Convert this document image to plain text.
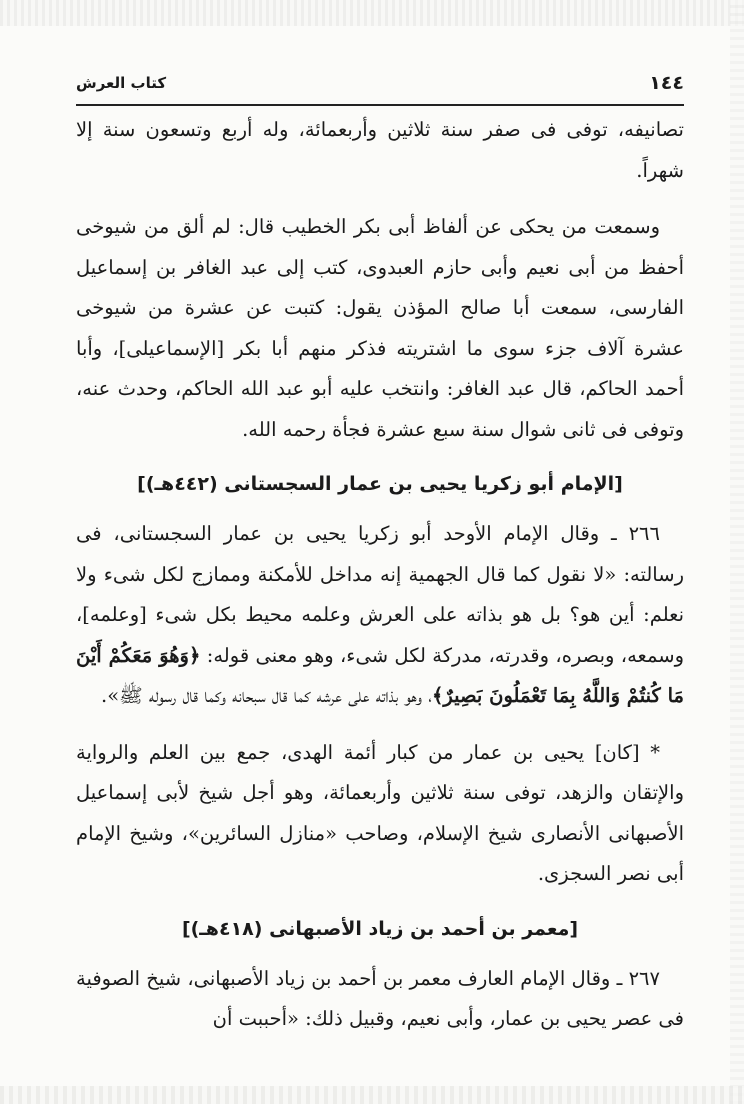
١٤٤
كتاب العرش

تصانيفه، توفى فى صفر سنة ثلاثين وأربعمائة، وله أربع وتسعون سنة إلا شهراً.

وسمعت من يحكى عن ألفاظ أبى بكر الخطيب قال: لم ألق من شيوخى أحفظ من أبى نعيم وأبى حازم العبدوى، كتب إلى عبد الغافر بن إسماعيل الفارسى، سمعت أبا صالح المؤذن يقول: كتبت عن عشرة من شيوخى عشرة آلاف جزء سوى ما اشتريته فذكر منهم أبا بكر [الإسماعيلى]، وأبا أحمد الحاكم، قال عبد الغافر: وانتخب عليه أبو عبد الله الحاكم، وحدث عنه، وتوفى فى ثانى شوال سنة سبع عشرة فجأة رحمه الله.

[الإمام أبو زكريا يحيى بن عمار السجستانى (٤٤٢هـ)]

٢٦٦ ـ وقال الإمام الأوحد أبو زكريا يحيى بن عمار السجستانى، فى رسالته: «لا نقول كما قال الجهمية إنه مداخل للأمكنة وممازج لكل شىء ولا نعلم: أين هو؟ بل هو بذاته على العرش وعلمه محيط بكل شىء [وعلمه]، وسمعه، وبصره، وقدرته، مدركة لكل شىء، وهو معنى قوله: ﴿وَهُوَ مَعَكُمْ أَيْنَ مَا كُنتُمْ وَاللَّهُ بِمَا تَعْمَلُونَ بَصِيرٌ﴾، وهو بذاته على عرشه كما قال سبحانه وكما قال رسوله ﷺ».

* [كان] يحيى بن عمار من كبار أئمة الهدى، جمع بين العلم والرواية والإتقان والزهد، توفى سنة ثلاثين وأربعمائة، وهو أجل شيخ لأبى إسماعيل الأصبهانى الأنصارى شيخ الإسلام، وصاحب «منازل السائرين»، وشيخ الإمام أبى نصر السجزى.

[معمر بن أحمد بن زياد الأصبهانى (٤١٨هـ)]

٢٦٧ ـ وقال الإمام العارف معمر بن أحمد بن زياد الأصبهانى، شيخ الصوفية فى عصر يحيى بن عمار، وأبى نعيم، وقبيل ذلك: «أحببت أن
